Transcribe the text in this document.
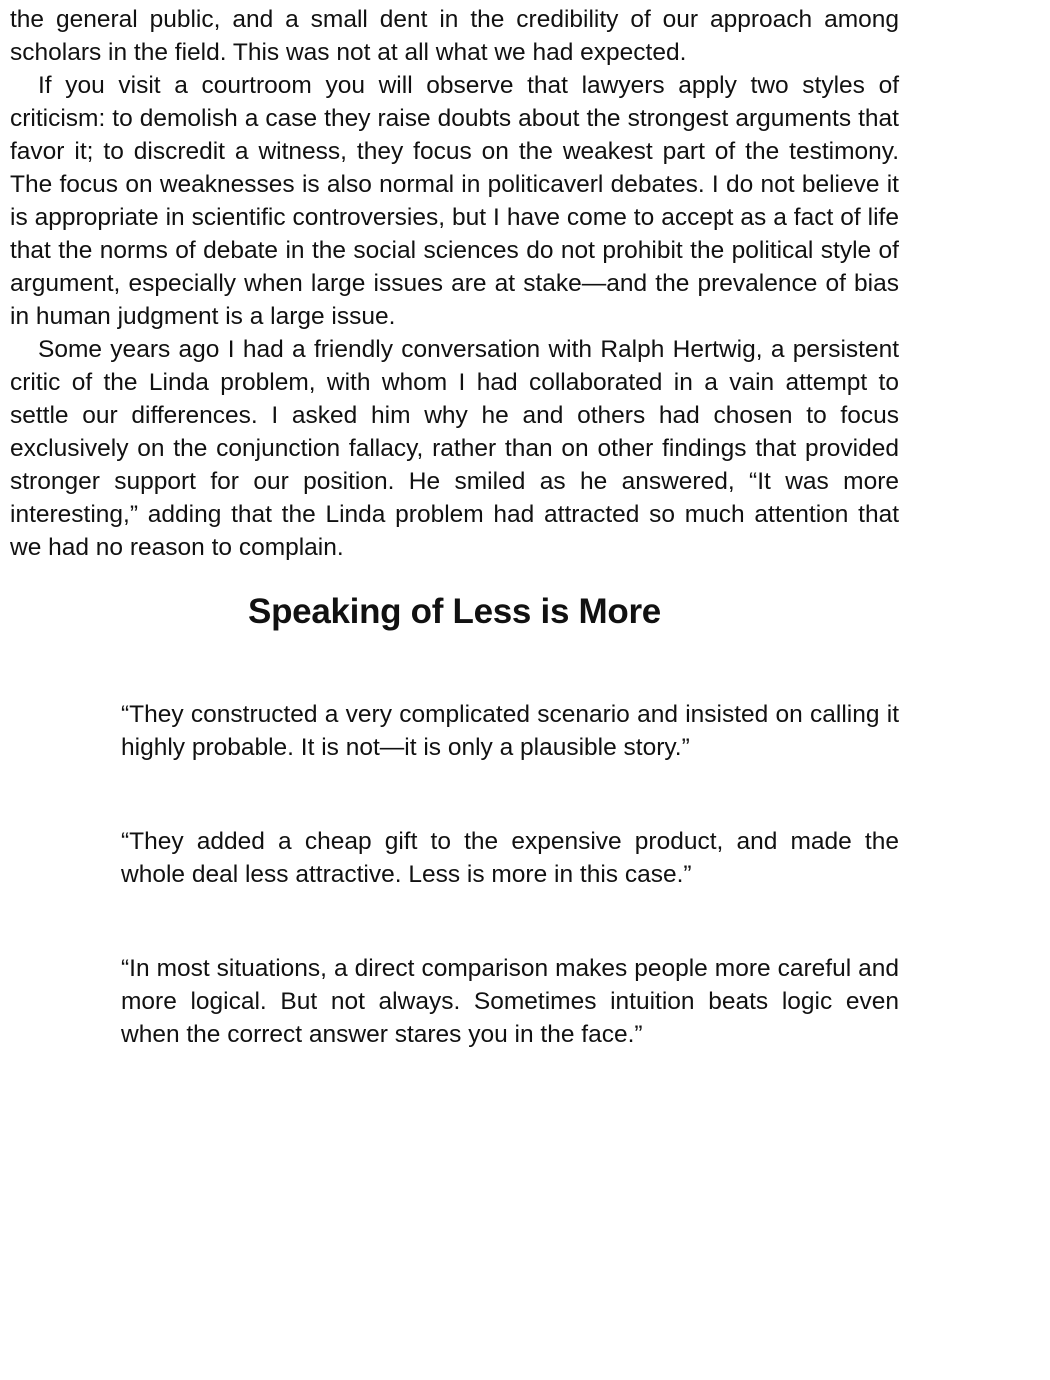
the general public, and a small dent in the credibility of our approach among scholars in the field. This was not at all what we had expected.

If you visit a courtroom you will observe that lawyers apply two styles of criticism: to demolish a case they raise doubts about the strongest arguments that favor it; to discredit a witness, they focus on the weakest part of the testimony. The focus on weaknesses is also normal in politicaverl debates. I do not believe it is appropriate in scientific controversies, but I have come to accept as a fact of life that the norms of debate in the social sciences do not prohibit the political style of argument, especially when large issues are at stake—and the prevalence of bias in human judgment is a large issue.

Some years ago I had a friendly conversation with Ralph Hertwig, a persistent critic of the Linda problem, with whom I had collaborated in a vain attempt to settle our differences. I asked him why he and others had chosen to focus exclusively on the conjunction fallacy, rather than on other findings that provided stronger support for our position. He smiled as he answered, “It was more interesting,” adding that the Linda problem had attracted so much attention that we had no reason to complain.

Speaking of Less is More

“They constructed a very complicated scenario and insisted on calling it highly probable. It is not—it is only a plausible story.”

“They added a cheap gift to the expensive product, and made the whole deal less attractive. Less is more in this case.”

“In most situations, a direct comparison makes people more careful and more logical. But not always. Sometimes intuition beats logic even when the correct answer stares you in the face.”
